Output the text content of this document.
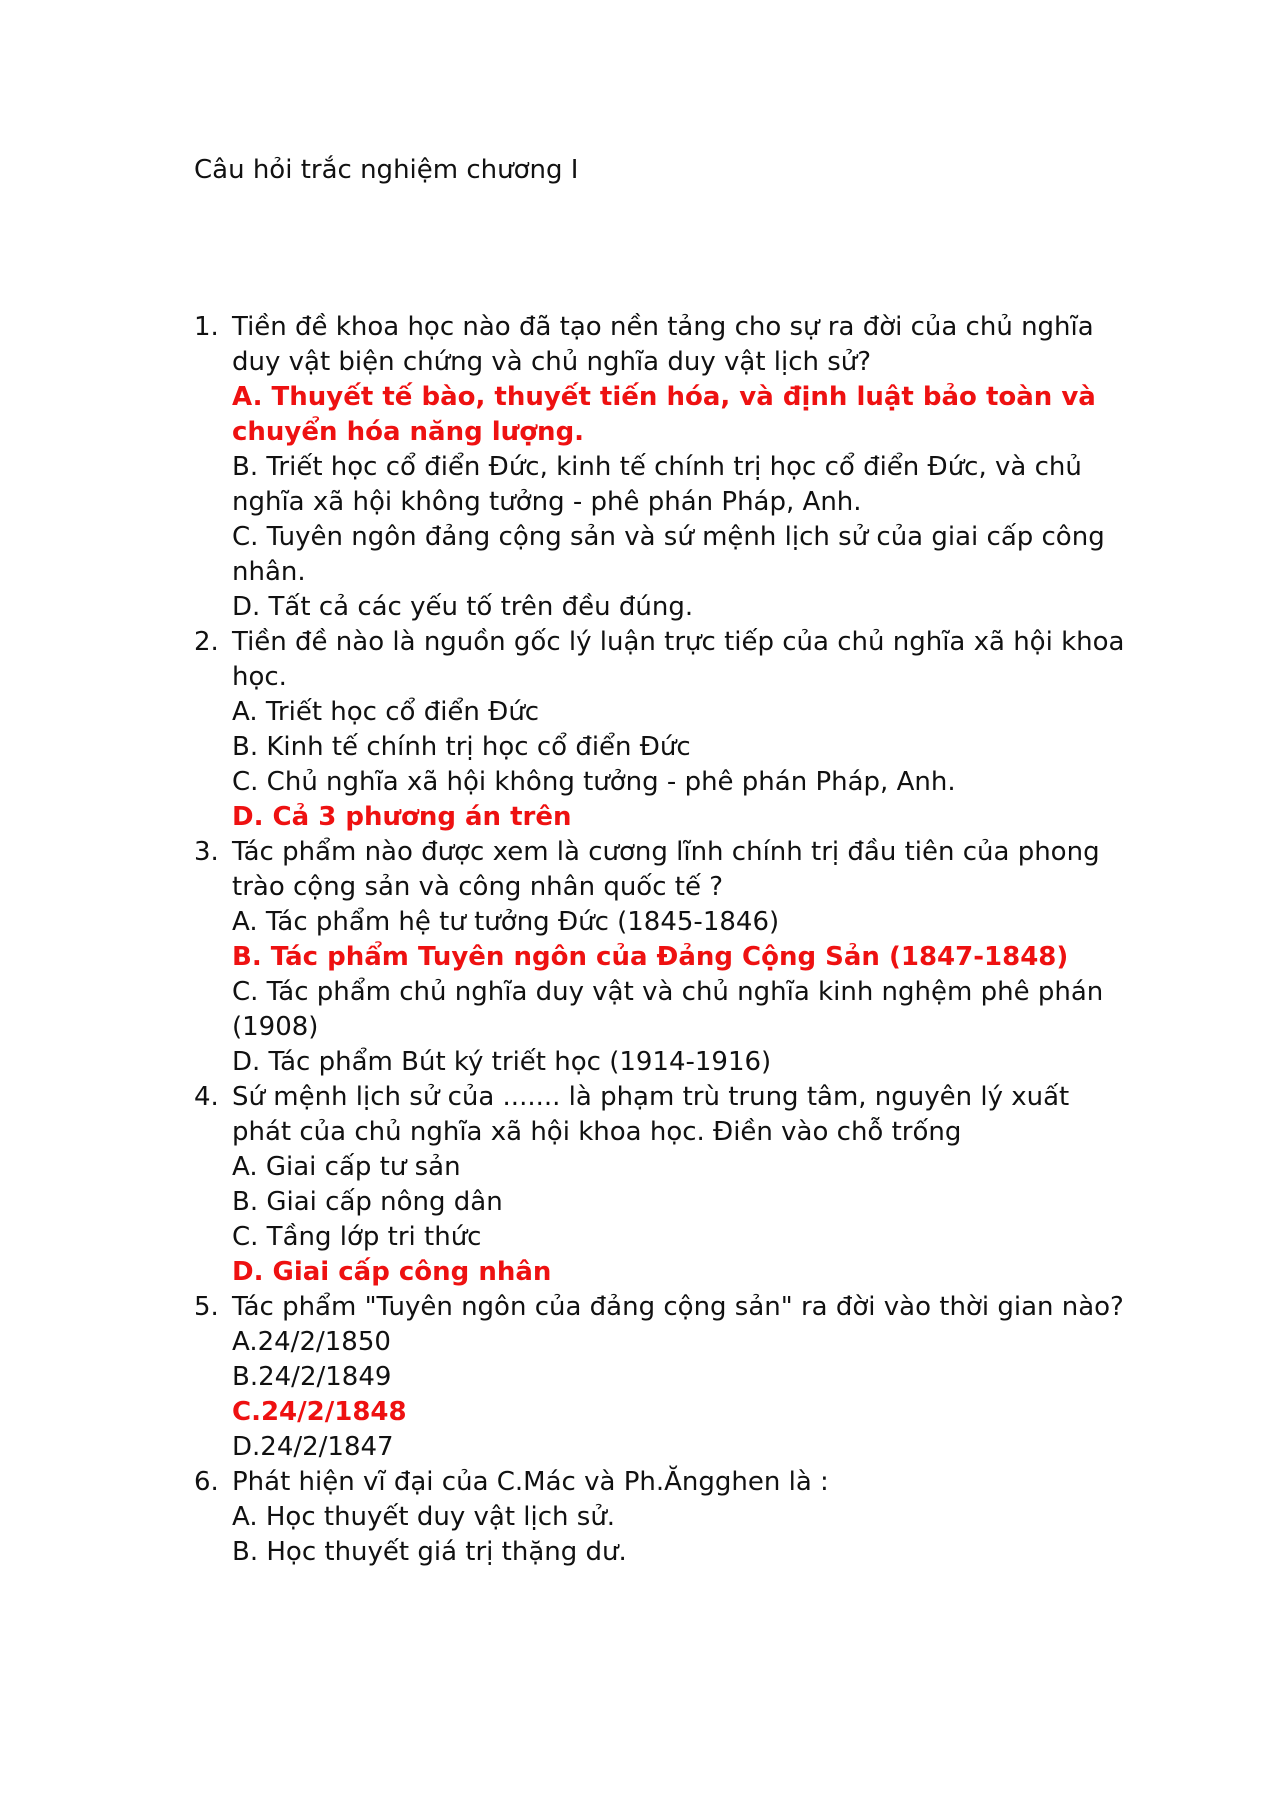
Câu hỏi trắc nghiệm chương I
1. Tiền đề khoa học nào đã tạo nền tảng cho sự ra đời của chủ nghĩa duy vật biện chứng và chủ nghĩa duy vật lịch sử?
A. Thuyết tế bào, thuyết tiến hóa, và định luật bảo toàn và chuyển hóa năng lượng.
B. Triết học cổ điển Đức, kinh tế chính trị học cổ điển Đức, và chủ nghĩa xã hội không tưởng - phê phán Pháp, Anh.
C. Tuyên ngôn đảng cộng sản và sứ mệnh lịch sử của giai cấp công nhân.
D. Tất cả các yếu tố trên đều đúng.
2. Tiền đề nào là nguồn gốc lý luận trực tiếp của chủ nghĩa xã hội khoa học.
A. Triết học cổ điển Đức
B. Kinh tế chính trị học cổ điển Đức
C. Chủ nghĩa xã hội không tưởng - phê phán Pháp, Anh.
D. Cả 3 phương án trên
3. Tác phẩm nào được xem là cương lĩnh chính trị đầu tiên của phong trào cộng sản và công nhân quốc tế ?
A. Tác phẩm hệ tư tưởng Đức (1845-1846)
B. Tác phẩm Tuyên ngôn của Đảng Cộng Sản (1847-1848)
C. Tác phẩm chủ nghĩa duy vật và chủ nghĩa kinh nghệm phê phán (1908)
D. Tác phẩm Bút ký triết học (1914-1916)
4. Sứ mệnh lịch sử của ....... là phạm trù trung tâm, nguyên lý xuất phát của chủ nghĩa xã hội khoa học. Điền vào chỗ trống
A. Giai cấp tư sản
B. Giai cấp nông dân
C. Tầng lớp tri thức
D. Giai cấp công nhân
5. Tác phẩm "Tuyên ngôn của đảng cộng sản" ra đời vào thời gian nào?
A.24/2/1850
B.24/2/1849
C.24/2/1848
D.24/2/1847
6. Phát hiện vĩ đại của C.Mác và Ph.Ăngghen là :
A. Học thuyết duy vật lịch sử.
B. Học thuyết giá trị thặng dư.
